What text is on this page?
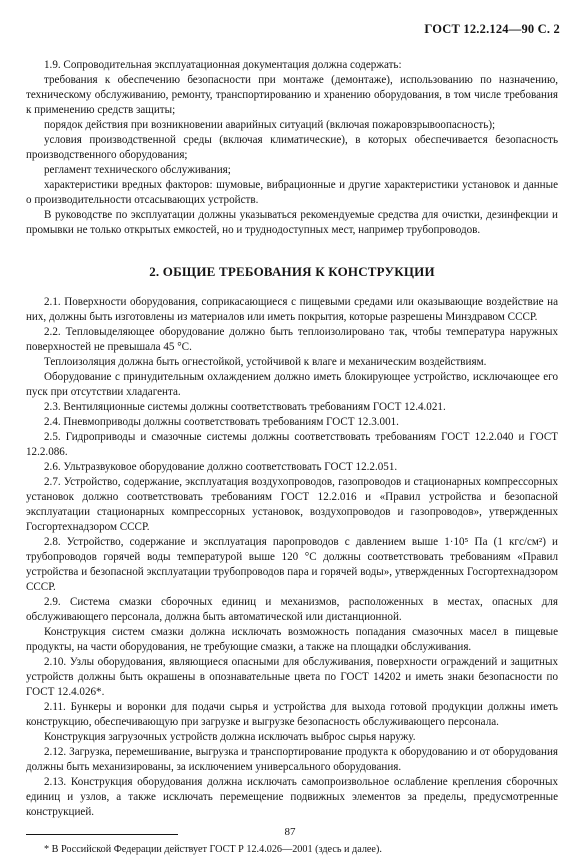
ГОСТ 12.2.124—90 С. 2

1.9. Сопроводительная эксплуатационная документация должна содержать:

требования к обеспечению безопасности при монтаже (демонтаже), использованию по назначению, техническому обслуживанию, ремонту, транспортированию и хранению оборудования, в том числе требования к применению средств защиты;

порядок действия при возникновении аварийных ситуаций (включая пожаровзрывоопасность);

условия производственной среды (включая климатические), в которых обеспечивается безопасность производственного оборудования;

регламент технического обслуживания;

характеристики вредных факторов: шумовые, вибрационные и другие характеристики установок и данные о производительности отсасывающих устройств.

В руководстве по эксплуатации должны указываться рекомендуемые средства для очистки, дезинфекции и промывки не только открытых емкостей, но и труднодоступных мест, например трубопроводов.

2. ОБЩИЕ ТРЕБОВАНИЯ К КОНСТРУКЦИИ

2.1. Поверхности оборудования, соприкасающиеся с пищевыми средами или оказывающие воздействие на них, должны быть изготовлены из материалов или иметь покрытия, которые разрешены Минздравом СССР.

2.2. Тепловыделяющее оборудование должно быть теплоизолировано так, чтобы температура наружных поверхностей не превышала 45 °С.

Теплоизоляция должна быть огнестойкой, устойчивой к влаге и механическим воздействиям.

Оборудование с принудительным охлаждением должно иметь блокирующее устройство, исключающее его пуск при отсутствии хладагента.

2.3. Вентиляционные системы должны соответствовать требованиям ГОСТ 12.4.021.

2.4. Пневмоприводы должны соответствовать требованиям ГОСТ 12.3.001.

2.5. Гидроприводы и смазочные системы должны соответствовать требованиям ГОСТ 12.2.040 и ГОСТ 12.2.086.

2.6. Ультразвуковое оборудование должно соответствовать ГОСТ 12.2.051.

2.7. Устройство, содержание, эксплуатация воздухопроводов, газопроводов и стационарных компрессорных установок должно соответствовать требованиям ГОСТ 12.2.016 и «Правил устройства и безопасной эксплуатации стационарных компрессорных установок, воздухопроводов и газопроводов», утвержденных Госгортехнадзором СССР.

2.8. Устройство, содержание и эксплуатация паропроводов с давлением выше 1·10⁵ Па (1 кгс/см²) и трубопроводов горячей воды температурой выше 120 °С должны соответствовать требованиям «Правил устройства и безопасной эксплуатации трубопроводов пара и горячей воды», утвержденных Госгортехнадзором СССР.

2.9. Система смазки сборочных единиц и механизмов, расположенных в местах, опасных для обслуживающего персонала, должна быть автоматической или дистанционной.

Конструкция систем смазки должна исключать возможность попадания смазочных масел в пищевые продукты, на части оборудования, не требующие смазки, а также на площадки обслуживания.

2.10. Узлы оборудования, являющиеся опасными для обслуживания, поверхности ограждений и защитных устройств должны быть окрашены в опознавательные цвета по ГОСТ 14202 и иметь знаки безопасности по ГОСТ 12.4.026*.

2.11. Бункеры и воронки для подачи сырья и устройства для выхода готовой продукции должны иметь конструкцию, обеспечивающую при загрузке и выгрузке безопасность обслуживающего персонала.

Конструкция загрузочных устройств должна исключать выброс сырья наружу.

2.12. Загрузка, перемешивание, выгрузка и транспортирование продукта к оборудованию и от оборудования должны быть механизированы, за исключением универсального оборудования.

2.13. Конструкция оборудования должна исключать самопроизвольное ослабление крепления сборочных единиц и узлов, а также исключать перемещение подвижных элементов за пределы, предусмотренные конструкцией.

* В Российской Федерации действует ГОСТ Р 12.4.026—2001 (здесь и далее).

87
